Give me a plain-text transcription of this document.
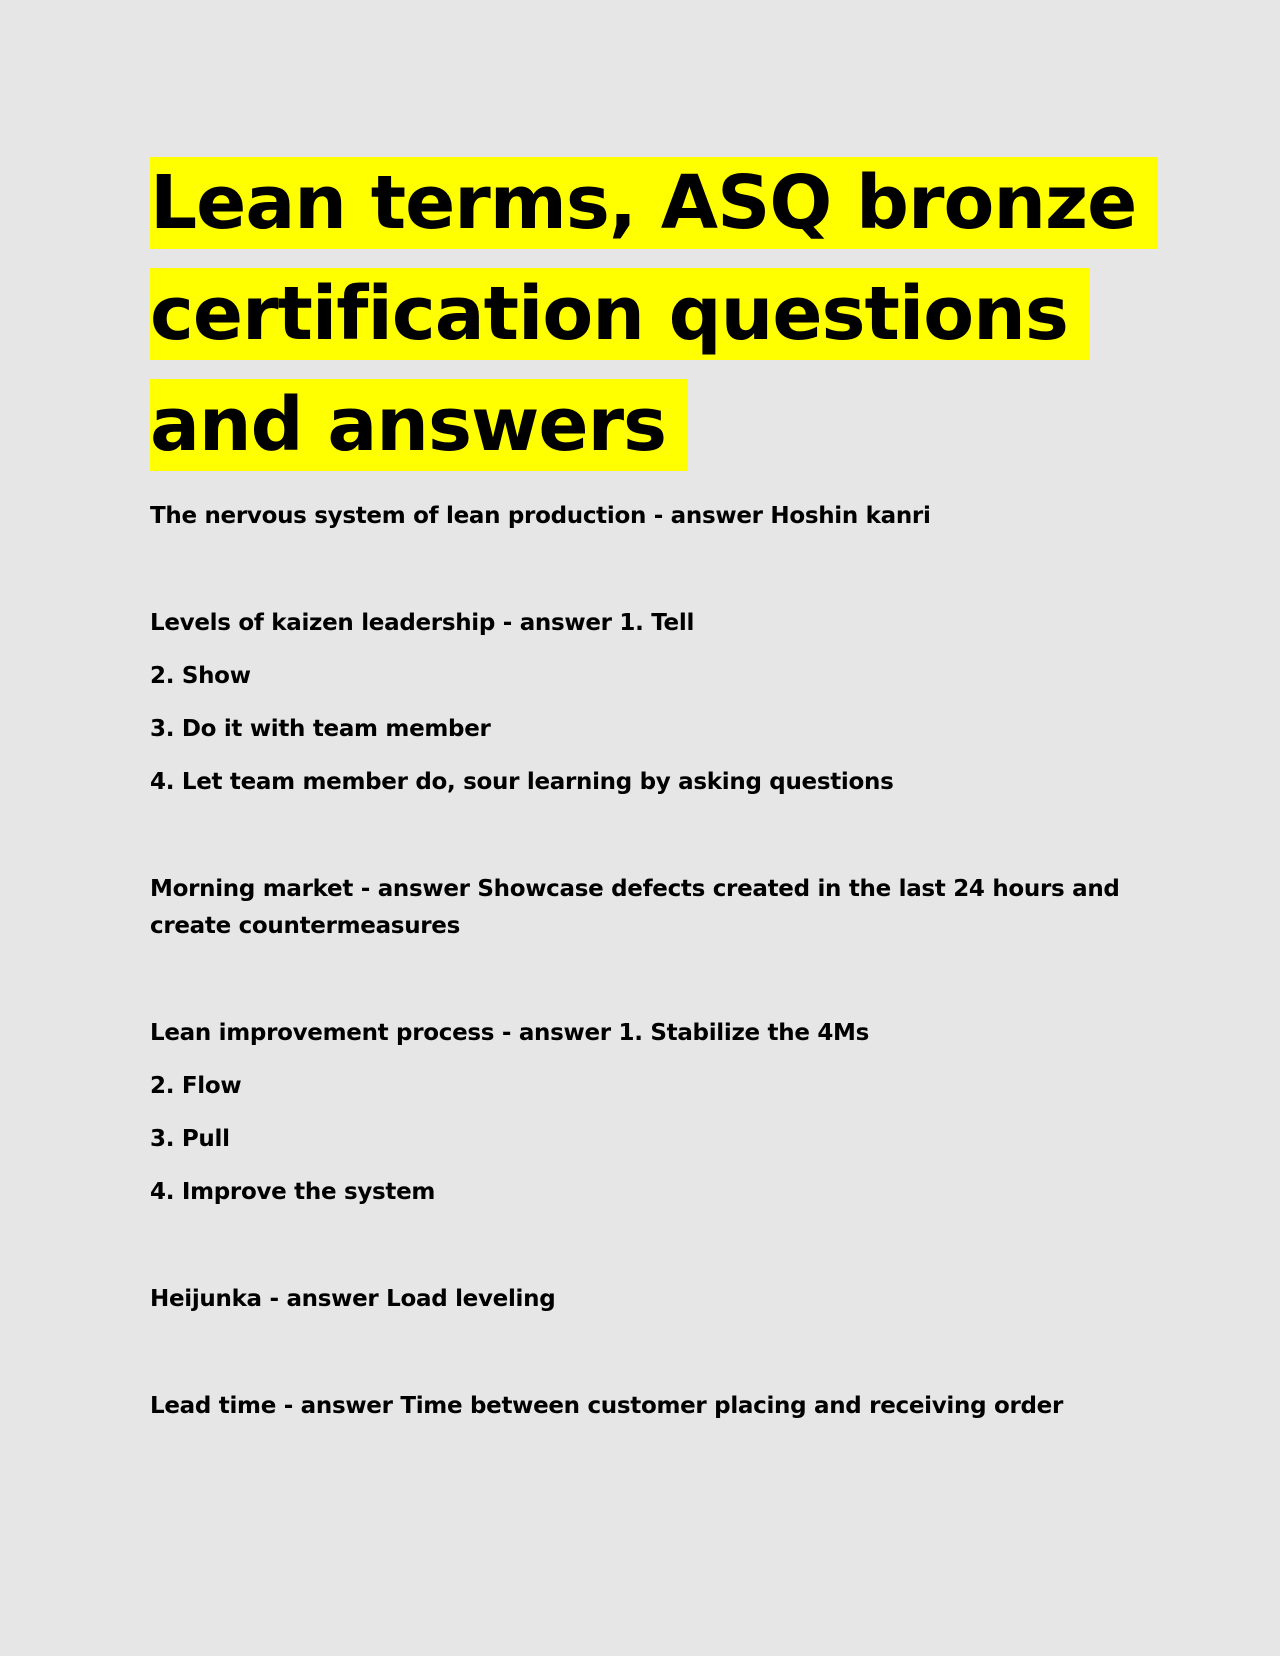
Lean terms, ASQ bronze certification questions and answers
The nervous system of lean production - answer Hoshin kanri
Levels of kaizen leadership - answer 1. Tell
2. Show
3. Do it with team member
4. Let team member do, sour learning by asking questions
Morning market - answer Showcase defects created in the last 24 hours and create countermeasures
Lean improvement process - answer 1. Stabilize the 4Ms
2. Flow
3. Pull
4. Improve the system
Heijunka - answer Load leveling
Lead time - answer Time between customer placing and receiving order
